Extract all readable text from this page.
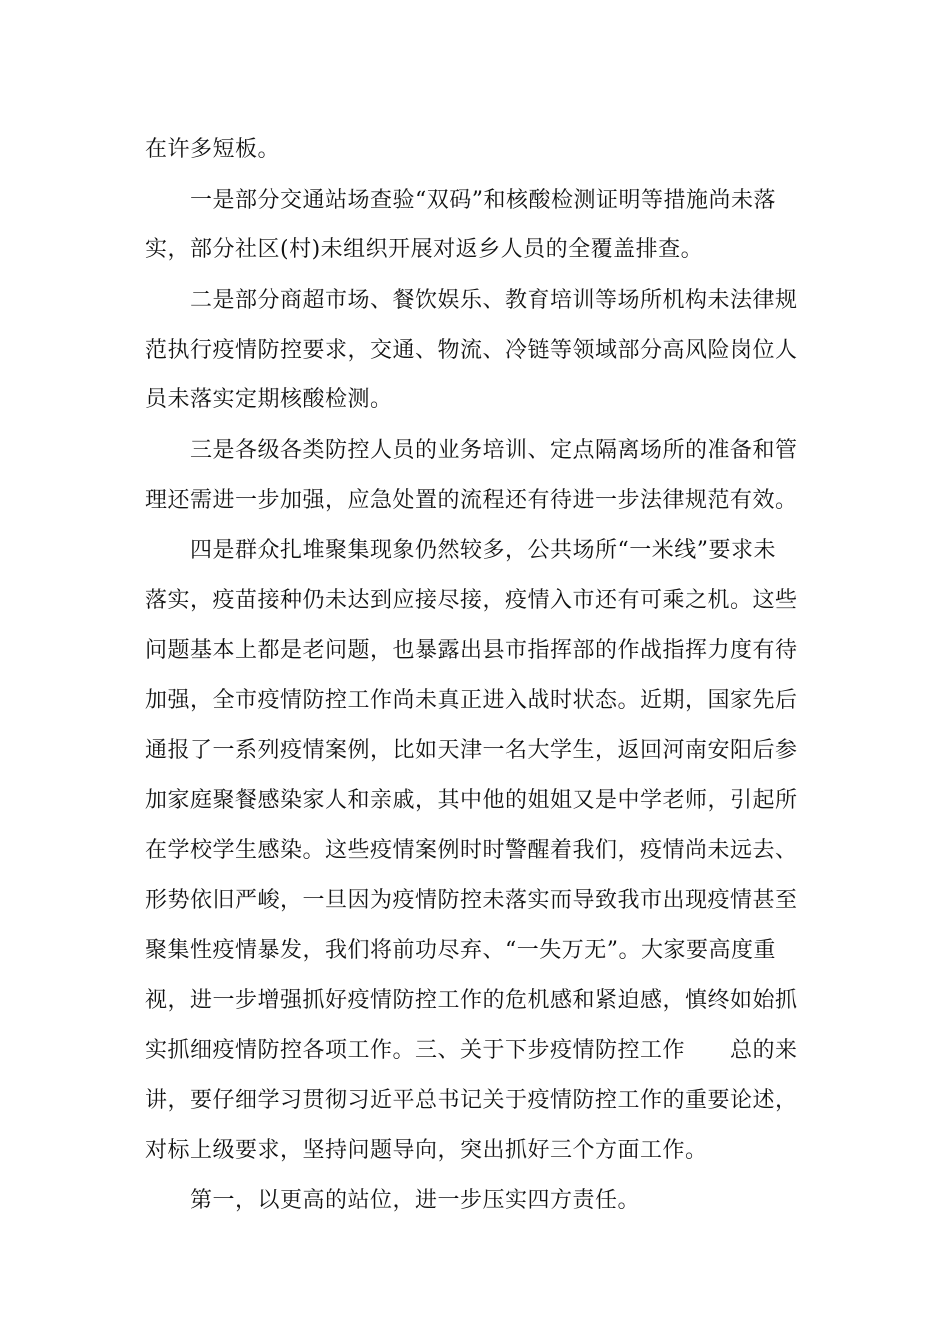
在许多短板。
一是部分交通站场查验“双码”和核酸检测证明等措施尚未落
实，部分社区(村)未组织开展对返乡人员的全覆盖排查。
二是部分商超市场、餐饮娱乐、教育培训等场所机构未法律规
范执行疫情防控要求，交通、物流、冷链等领域部分高风险岗位人
员未落实定期核酸检测。
三是各级各类防控人员的业务培训、定点隔离场所的准备和管
理还需进一步加强，应急处置的流程还有待进一步法律规范有效。
四是群众扎堆聚集现象仍然较多，公共场所“一米线”要求未
落实，疫苗接种仍未达到应接尽接，疫情入市还有可乘之机。这些
问题基本上都是老问题，也暴露出县市指挥部的作战指挥力度有待
加强，全市疫情防控工作尚未真正进入战时状态。近期，国家先后
通报了一系列疫情案例，比如天津一名大学生，返回河南安阳后参
加家庭聚餐感染家人和亲戚，其中他的姐姐又是中学老师，引起所
在学校学生感染。这些疫情案例时时警醒着我们，疫情尚未远去、
形势依旧严峻，一旦因为疫情防控未落实而导致我市出现疫情甚至
聚集性疫情暴发，我们将前功尽弃、“一失万无”。大家要高度重
视，进一步增强抓好疫情防控工作的危机感和紧迫感，慎终如始抓
实抓细疫情防控各项工作。三、关于下步疫情防控工作　　总的来
讲，要仔细学习贯彻习近平总书记关于疫情防控工作的重要论述，
对标上级要求，坚持问题导向，突出抓好三个方面工作。
第一，以更高的站位，进一步压实四方责任。
